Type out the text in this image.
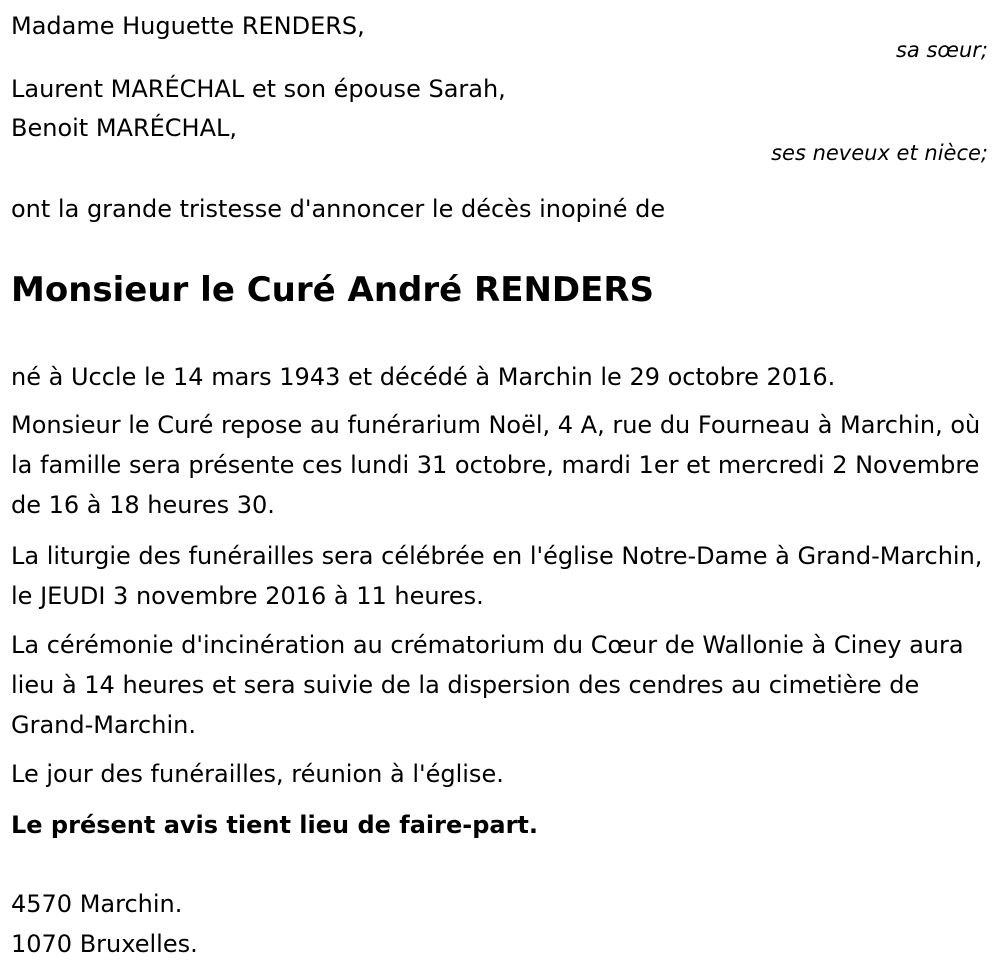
Madame Huguette RENDERS,
sa sœur;
Laurent MARÉCHAL et son épouse Sarah,
Benoit MARÉCHAL,
ses neveux et nièce;
ont la grande tristesse d'annoncer le décès inopiné de
Monsieur le Curé André RENDERS
né à Uccle le 14 mars 1943 et décédé à Marchin le 29 octobre 2016.
Monsieur le Curé repose au funérarium Noël, 4 A, rue du Fourneau à Marchin, où la famille sera présente ces lundi 31 octobre, mardi 1er et mercredi 2 Novembre de 16 à 18 heures 30.
La liturgie des funérailles sera célébrée en l'église Notre-Dame à Grand-Marchin, le JEUDI 3 novembre 2016 à 11 heures.
La cérémonie d'incinération au crématorium du Cœur de Wallonie à Ciney aura lieu à 14 heures et sera suivie de la dispersion des cendres au cimetière de Grand-Marchin.
Le jour des funérailles, réunion à l'église.
Le présent avis tient lieu de faire-part.
4570 Marchin.
1070 Bruxelles.
